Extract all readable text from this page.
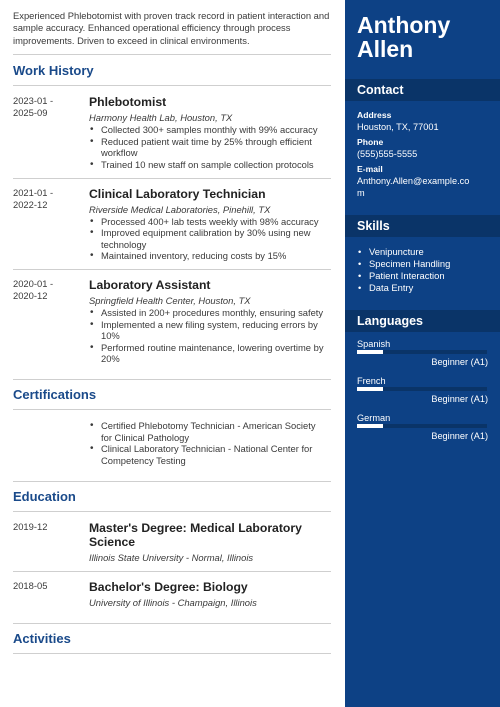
Experienced Phlebotomist with proven track record in patient interaction and sample accuracy. Enhanced operational efficiency through process improvements. Driven to exceed in clinical environments.

Work History
2023-01 -
2025-09
Phlebotomist
Harmony Health Lab, Houston, TX
• Collected 300+ samples monthly with 99% accuracy
• Reduced patient wait time by 25% through efficient workflow
• Trained 10 new staff on sample collection protocols
2021-01 -
2022-12
Clinical Laboratory Technician
Riverside Medical Laboratories, Pinehill, TX
• Processed 400+ lab tests weekly with 98% accuracy
• Improved equipment calibration by 30% using new technology
• Maintained inventory, reducing costs by 15%
2020-01 -
2020-12
Laboratory Assistant
Springfield Health Center, Houston, TX
• Assisted in 200+ procedures monthly, ensuring safety
• Implemented a new filing system, reducing errors by 10%
• Performed routine maintenance, lowering overtime by 20%
Certifications
• Certified Phlebotomy Technician - American Society for Clinical Pathology
• Clinical Laboratory Technician - National Center for Competency Testing
Education
2019-12	Master's Degree: Medical Laboratory Science
Illinois State University - Normal, Illinois
2018-05	Bachelor's Degree: Biology
University of Illinois - Champaign, Illinois
Activities
Anthony
Allen
Contact
Address
Houston, TX, 77001
Phone
(555)555-5555
E-mail
Anthony.Allen@example.co
m
Skills
• Venipuncture
• Specimen Handling
• Patient Interaction
• Data Entry
Languages
Spanish
Beginner (A1)
French
Beginner (A1)
German
Beginner (A1)
